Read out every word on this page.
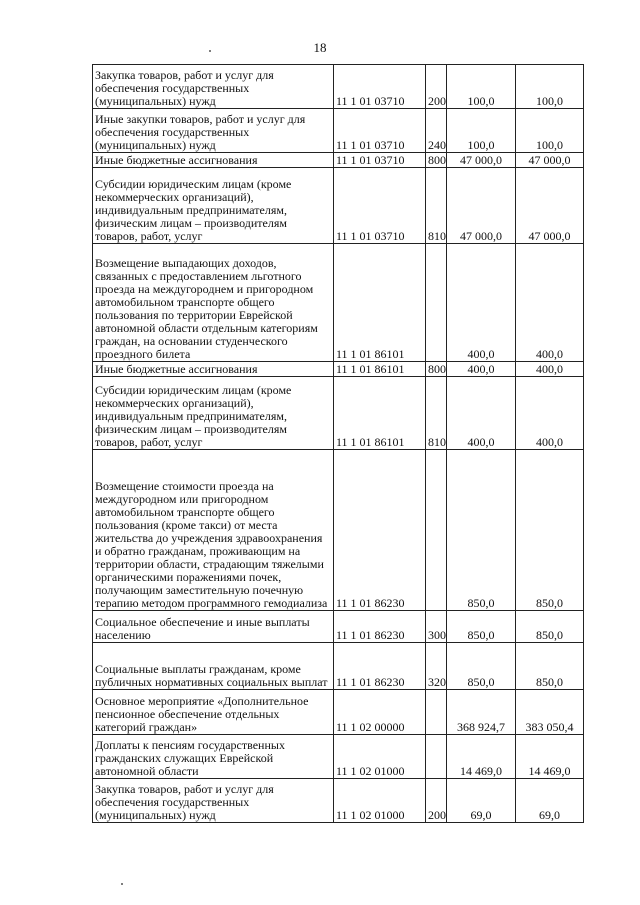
18
Закупка товаров, работ и услуг для обеспечения государственных (муниципальных) нужд	11 1 01 03710	200	100,0	100,0
Иные закупки товаров, работ и услуг для обеспечения государственных (муниципальных) нужд	11 1 01 03710	240	100,0	100,0
Иные бюджетные ассигнования	11 1 01 03710	800	47 000,0	47 000,0
Субсидии юридическим лицам (кроме некоммерческих организаций), индивидуальным предпринимателям, физическим лицам – производителям товаров, работ, услуг	11 1 01 03710	810	47 000,0	47 000,0
Возмещение выпадающих доходов, связанных с предоставлением льготного проезда на междугороднем и пригородном автомобильном транспорте общего пользования по территории Еврейской автономной области отдельным категориям граждан, на основании студенческого проездного билета	11 1 01 86101		400,0	400,0
Иные бюджетные ассигнования	11 1 01 86101	800	400,0	400,0
Субсидии юридическим лицам (кроме некоммерческих организаций), индивидуальным предпринимателям, физическим лицам – производителям товаров, работ, услуг	11 1 01 86101	810	400,0	400,0
Возмещение стоимости проезда на междугородном или пригородном автомобильном транспорте общего пользования (кроме такси) от места жительства до учреждения здравоохранения и обратно гражданам, проживающим на территории области, страдающим тяжелыми органическими поражениями почек, получающим заместительную почечную терапию методом программного гемодиализа	11 1 01 86230		850,0	850,0
Социальное обеспечение и иные выплаты населению	11 1 01 86230	300	850,0	850,0
Социальные выплаты гражданам, кроме публичных нормативных социальных выплат	11 1 01 86230	320	850,0	850,0
Основное мероприятие «Дополнительное пенсионное обеспечение отдельных категорий граждан»	11 1 02 00000		368 924,7	383 050,4
Доплаты к пенсиям государственных гражданских служащих Еврейской автономной области	11 1 02 01000		14 469,0	14 469,0
Закупка товаров, работ и услуг для обеспечения государственных (муниципальных) нужд	11 1 02 01000	200	69,0	69,0
